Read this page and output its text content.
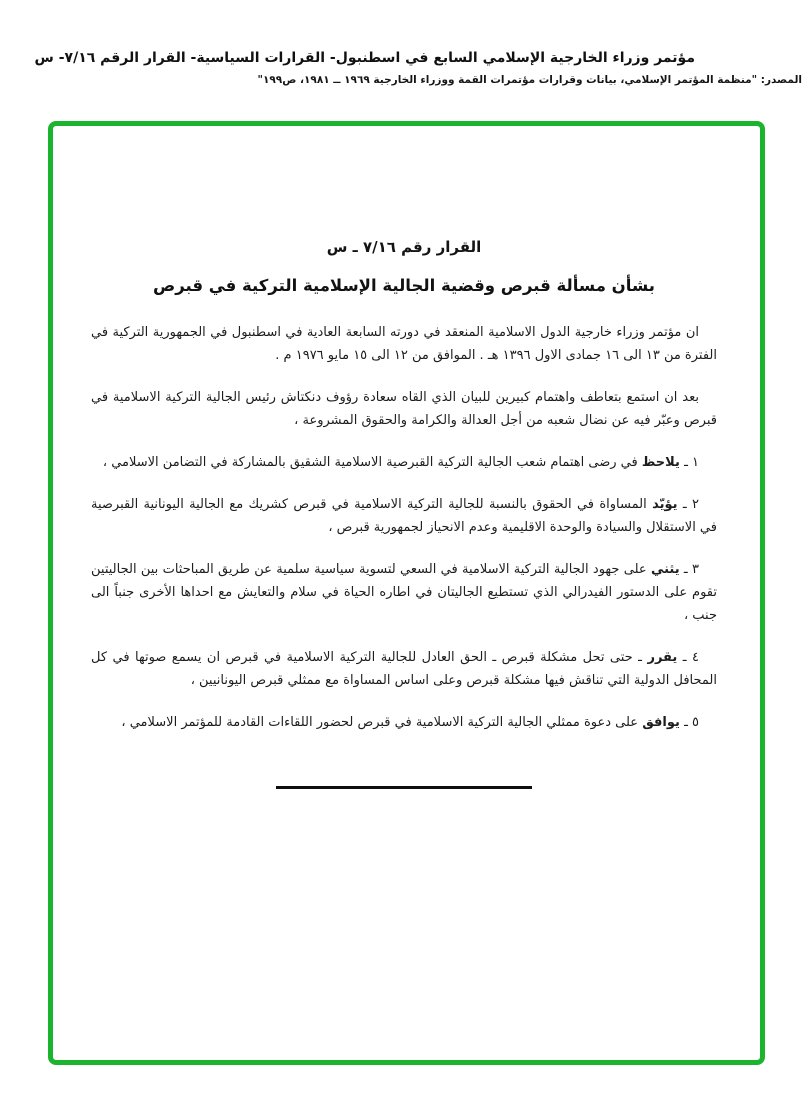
مؤتمر وزراء الخارجية الإسلامي السابع في اسطنبول- القرارات السياسية- القرار الرقم ٧/١٦- س
المصدر: "منظمة المؤتمر الإسلامي، بيانات وقرارات مؤتمرات القمة ووزراء الخارجية ١٩٦٩ ــ ١٩٨١، ص١٩٩"
القرار رقم ٧/١٦ ـ س
بشأن مسألة قبرص وقضية الجالية الإسلامية التركية في قبرص

ان مؤتمر وزراء خارجية الدول الاسلامية المنعقد في دورته السابعة العادية في اسطنبول في الجمهورية التركية في الفترة من ١٣ الى ١٦ جمادى الاول ١٣٩٦ هـ . الموافق من ١٢ الى ١٥ مايو ١٩٧٦ م .

بعد ان استمع بتعاطف واهتمام كبيرين للبيان الذي القاه سعادة رؤوف دنكتاش رئيس الجالية التركية الاسلامية في قبرص وعبّر فيه عن نضال شعبه من أجل العدالة والكرامة والحقوق المشروعة ،

١ ـ يلاحظ في رضى اهتمام شعب الجالية التركية القبرصية الاسلامية الشقيق بالمشاركة في التضامن الاسلامي ،
٢ ـ يؤيّد المساواة في الحقوق بالنسبة للجالية التركية الاسلامية في قبرص كشريك مع الجالية اليونانية القبرصية في الاستقلال والسيادة والوحدة الاقليمية وعدم الانحياز لجمهورية قبرص ،
٣ ـ يثني على جهود الجالية التركية الاسلامية في السعي لتسوية سياسية سلمية عن طريق المباحثات بين الجاليتين تقوم على الدستور الفيدرالي الذي تستطيع الجاليتان في اطاره الحياة في سلام والتعايش مع احداها الأخرى جنباً الى جنب ،
٤ ـ يقرر ـ حتى تحل مشكلة قبرص ـ الحق العادل للجالية التركية الاسلامية في قبرص ان يسمع صوتها في كل المحافل الدولية التي تناقش فيها مشكلة قبرص وعلى اساس المساواة مع ممثلي قبرص اليونانيين ،
٥ ـ يوافق على دعوة ممثلي الجالية التركية الاسلامية في قبرص لحضور اللقاءات القادمة للمؤتمر الاسلامي ،
